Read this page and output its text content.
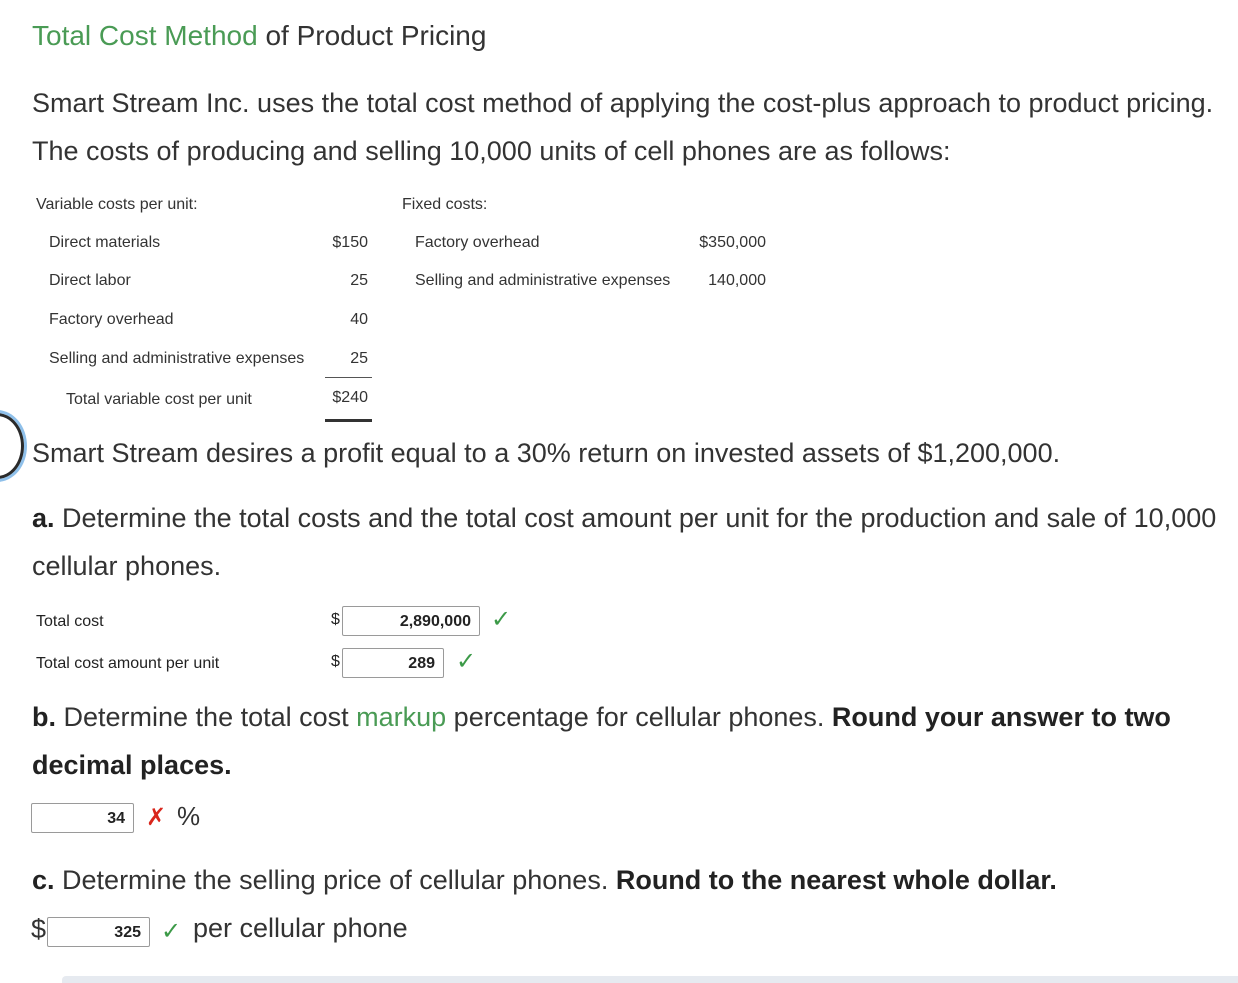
Total Cost Method of Product Pricing
Smart Stream Inc. uses the total cost method of applying the cost-plus approach to product pricing. The costs of producing and selling 10,000 units of cell phones are as follows:
Variable costs per unit:	Fixed costs:
Direct materials	$150	Factory overhead	$350,000
Direct labor	25	Selling and administrative expenses	140,000
Factory overhead	40
Selling and administrative expenses	25
Total variable cost per unit	$240
Smart Stream desires a profit equal to a 30% return on invested assets of $1,200,000.
a. Determine the total costs and the total cost amount per unit for the production and sale of 10,000 cellular phones.
Total cost	$	2,890,000 ✓
Total cost amount per unit	$	289 ✓
b. Determine the total cost markup percentage for cellular phones. Round your answer to two decimal places.
34 ✗ %
c. Determine the selling price of cellular phones. Round to the nearest whole dollar.
$	325 ✓ per cellular phone
